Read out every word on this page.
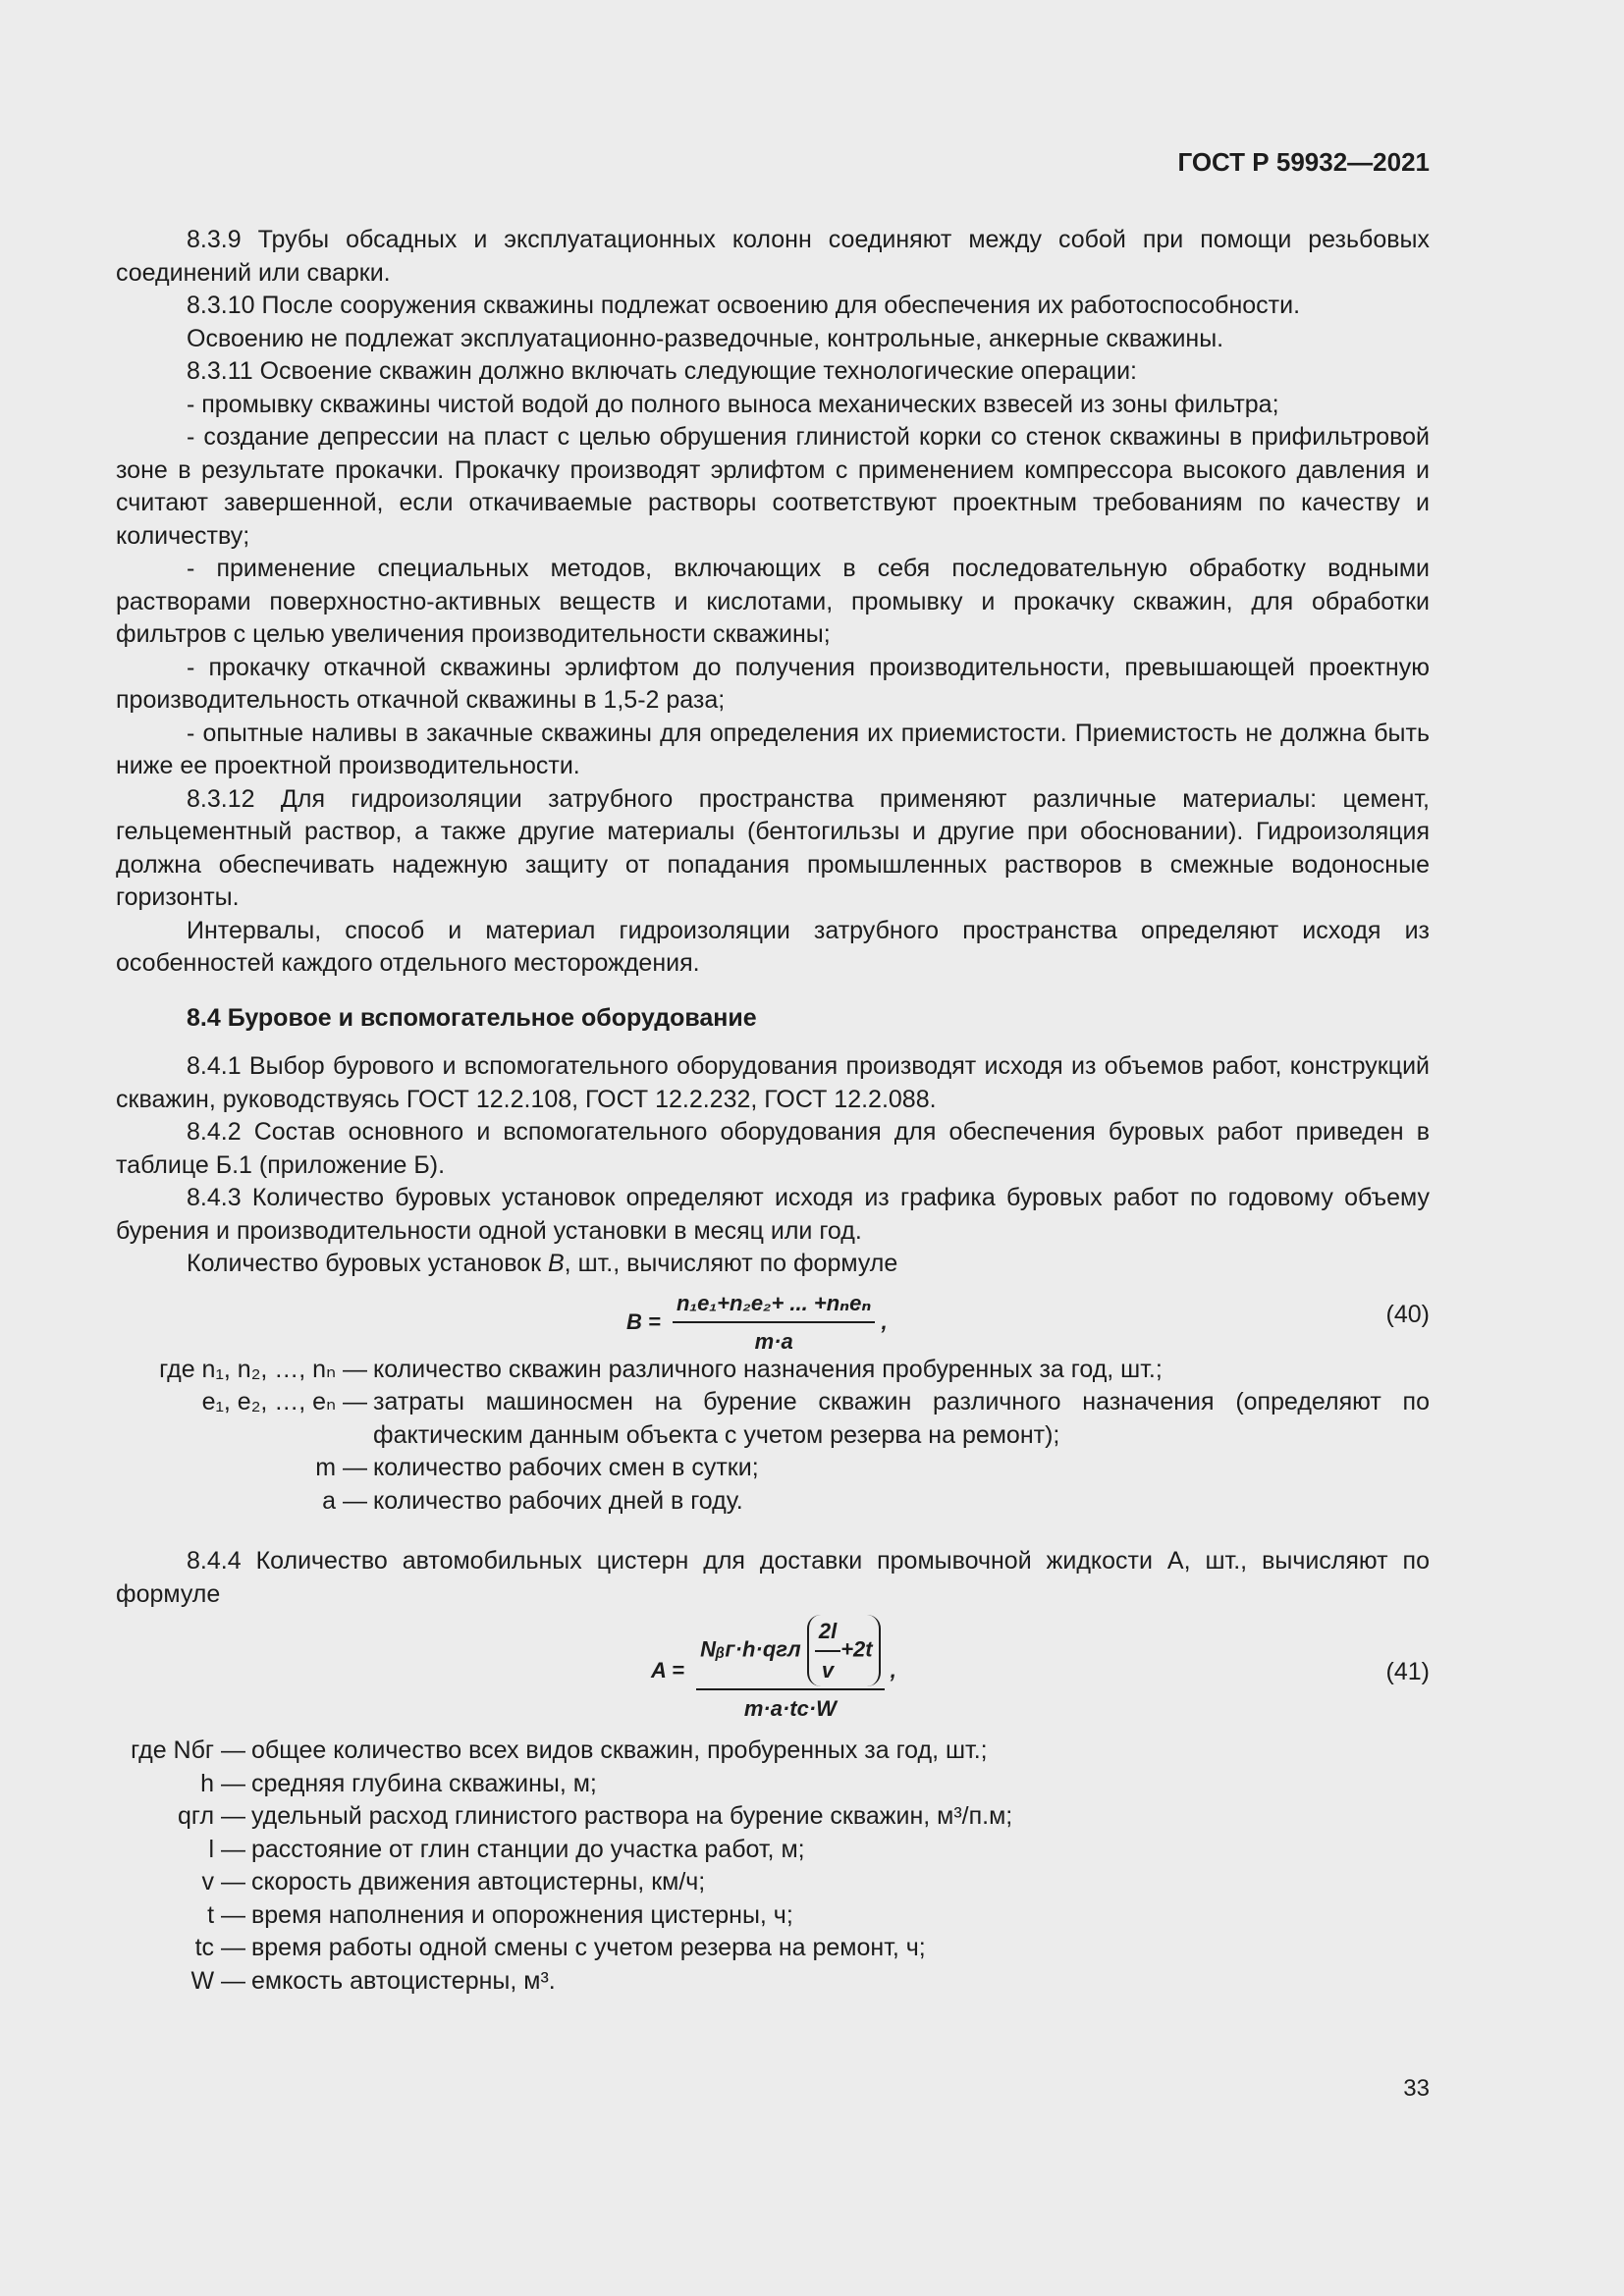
ГОСТ Р 59932—2021

8.3.9 Трубы обсадных и эксплуатационных колонн соединяют между собой при помощи резьбовых соединений или сварки.

8.3.10 После сооружения скважины подлежат освоению для обеспечения их работоспособности.

Освоению не подлежат эксплуатационно-разведочные, контрольные, анкерные скважины.

8.3.11 Освоение скважин должно включать следующие технологические операции:

- промывку скважины чистой водой до полного выноса механических взвесей из зоны фильтра;

- создание депрессии на пласт с целью обрушения глинистой корки со стенок скважины в прифильтровой зоне в результате прокачки. Прокачку производят эрлифтом с применением компрессора высокого давления и считают завершенной, если откачиваемые растворы соответствуют проектным требованиям по качеству и количеству;

- применение специальных методов, включающих в себя последовательную обработку водными растворами поверхностно-активных веществ и кислотами, промывку и прокачку скважин, для обработки фильтров с целью увеличения производительности скважины;

- прокачку откачной скважины эрлифтом до получения производительности, превышающей проектную производительность откачной скважины в 1,5-2 раза;

- опытные наливы в закачные скважины для определения их приемистости. Приемистость не должна быть ниже ее проектной производительности.

8.3.12 Для гидроизоляции затрубного пространства применяют различные материалы: цемент, гельцементный раствор, а также другие материалы (бентогильзы и другие при обосновании). Гидроизоляция должна обеспечивать надежную защиту от попадания промышленных растворов в смежные водоносные горизонты.

Интервалы, способ и материал гидроизоляции затрубного пространства определяют исходя из особенностей каждого отдельного месторождения.

8.4 Буровое и вспомогательное оборудование

8.4.1 Выбор бурового и вспомогательного оборудования производят исходя из объемов работ, конструкций скважин, руководствуясь ГОСТ 12.2.108, ГОСТ 12.2.232, ГОСТ 12.2.088.

8.4.2 Состав основного и вспомогательного оборудования для обеспечения буровых работ приведен в таблице Б.1 (приложение Б).

8.4.3 Количество буровых установок определяют исходя из графика буровых работ по годовому объему бурения и производительности одной установки в месяц или год.

Количество буровых установок B, шт., вычисляют по формуле

$B = \frac{\text{n₁e₁+n₂e₂+ ... +nₙeₙ}}{m\cdot a}$ ,	(40)
где n₁, n₂, …, nₙ — количество скважин различного назначения пробуренных за год, шт.;
e₁, e₂, …, eₙ — затраты машиносмен на бурение скважин различного назначения (определяют по фактическим данным объекта с учетом резерва на ремонт);
m — количество рабочих смен в сутки;
a — количество рабочих дней в году.

8.4.4 Количество автомобильных цистерн для доставки промывочной жидкости А, шт., вычисляют по формуле

$A = \frac{Nᵦᴦ\cdot h\cdot qгл \frac{2l}{v} +2t}{m\cdot a\cdot tс\cdot W}$ ,	(41)
где Nбг — общее количество всех видов скважин, пробуренных за год, шт.;
h — средняя глубина скважины, м;
qгл — удельный расход глинистого раствора на бурение скважин, м³/п.м;
l — расстояние от глин станции до участка работ, м;
v — скорость движения автоцистерны, км/ч;
t — время наполнения и опорожнения цистерны, ч;
tс — время работы одной смены с учетом резерва на ремонт, ч;
W — емкость автоцистерны, м³.
33
